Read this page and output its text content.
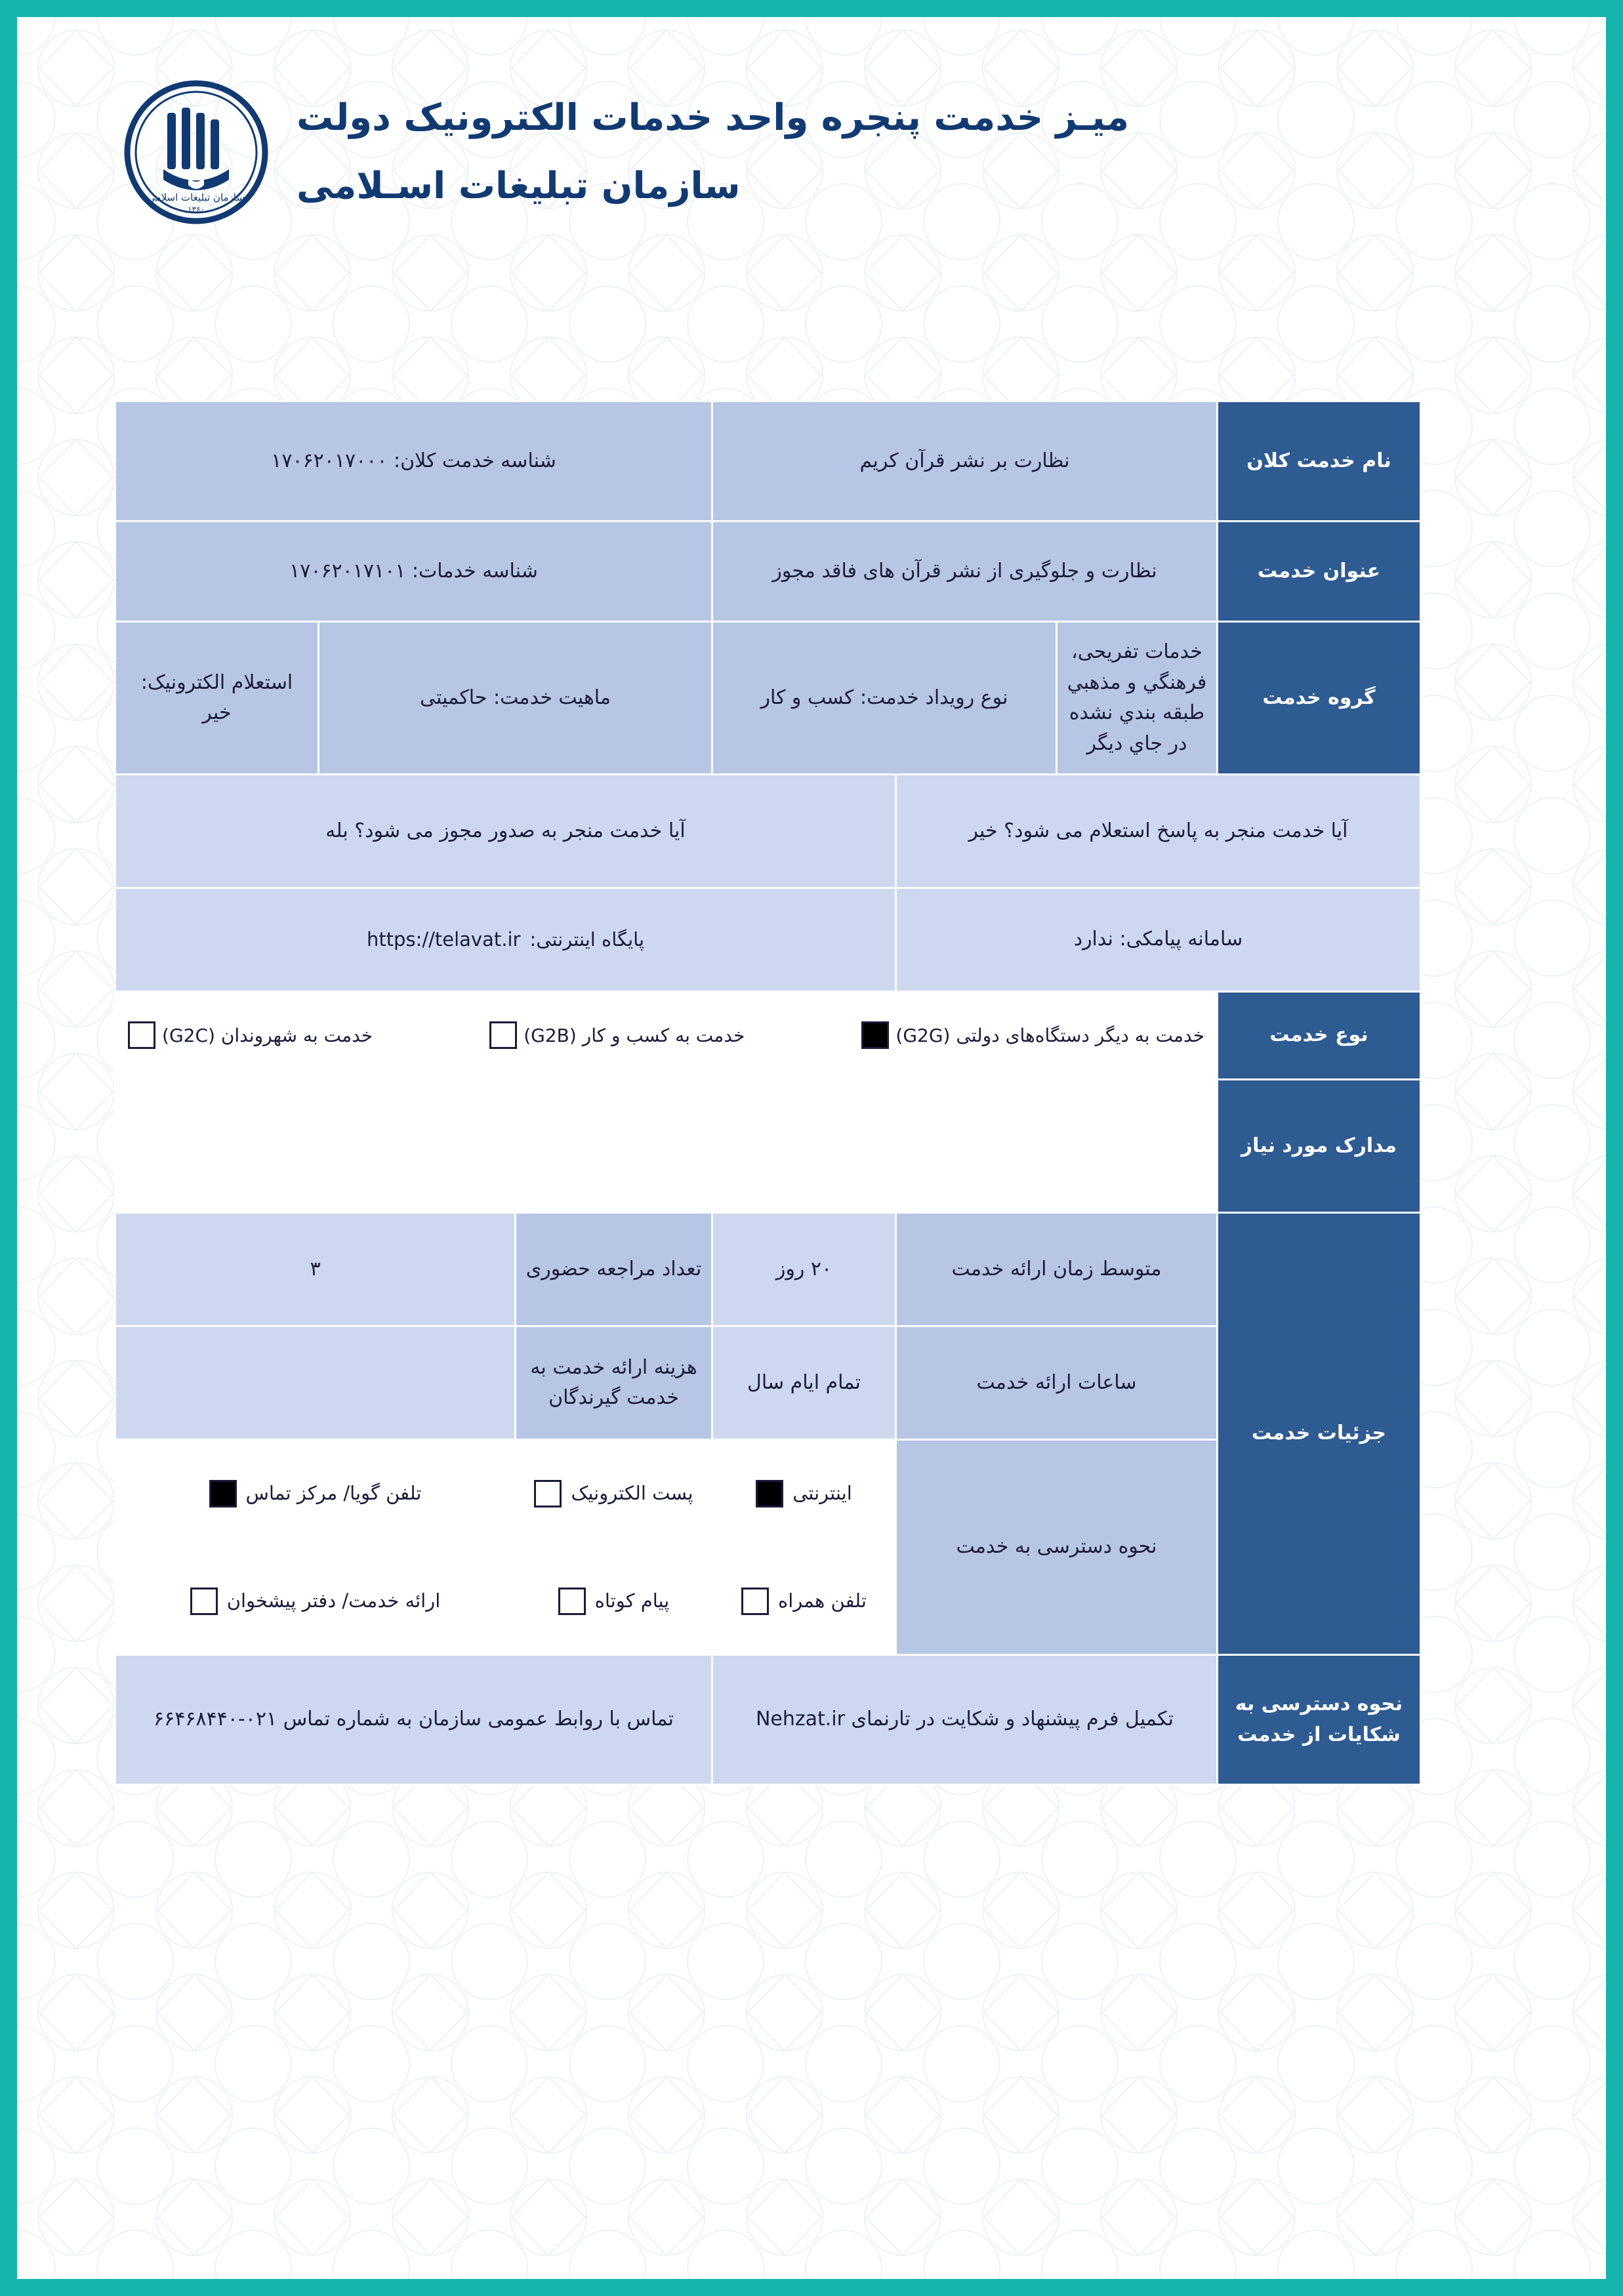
سازمان تبلیغات اسلامی
۱۳۶۰
میـز خدمت پنجره واحد خدمات الکترونیک دولت
سازمان تبلیغات اسـلامی
نام خدمت کلان	نظارت بر نشر قرآن کریم			شناسه خدمت کلان: ۱۷۰۶۲۰۱۷۰۰۰		
عنوان خدمت	نظارت و جلوگیری از نشر قرآن های فاقد مجوز			شناسه خدمات: ۱۷۰۶۲۰۱۷۱۰۱		
گروه خدمت	خدمات تفریحی، فرهنگي و مذهبي طبقه بندي نشده در جاي ديگر	نوع رویداد خدمت: کسب و کار		ماهیت خدمت: حاکمیتی		استعلام الکترونیک: خیر
آیا خدمت منجر به پاسخ استعلام می شود؟ خیر			آیا خدمت منجر به صدور مجوز می شود؟ بله			
سامانه پیامکی: ندارد			https://telavat.ir پایگاه اینترنتی:			

نوع خدمت	خدمت به شهروندان (G2C) خدمت به کسب و کار (G2B) خدمت به دیگر دستگاه‌های دولتی (G2G)					

مدارک مورد نیاز						
جزئیات خدمت	متوسط زمان ارائه خدمت		۲۰ روز	تعداد مراجعه حضوری	۳	
	ساعات ارائه خدمت		تمام ایام سال	هزینه ارائه خدمت به خدمت گیرندگان		
	نحوه دسترسی به خدمت		اینترنتی	پست الکترونیک	تلفن گویا/ مرکز تماس	

			تلفن همراه	پیام کوتاه	ارائه خدمت/ دفتر پیشخوان	

نحوه دسترسی به شکایات از خدمت	تکمیل فرم پیشنهاد و شکایت در تارنمای Nehzat.ir			تماس با روابط عمومی سازمان به شماره تماس ۰۲۱-۶۶۴۶۸۴۴۰		
